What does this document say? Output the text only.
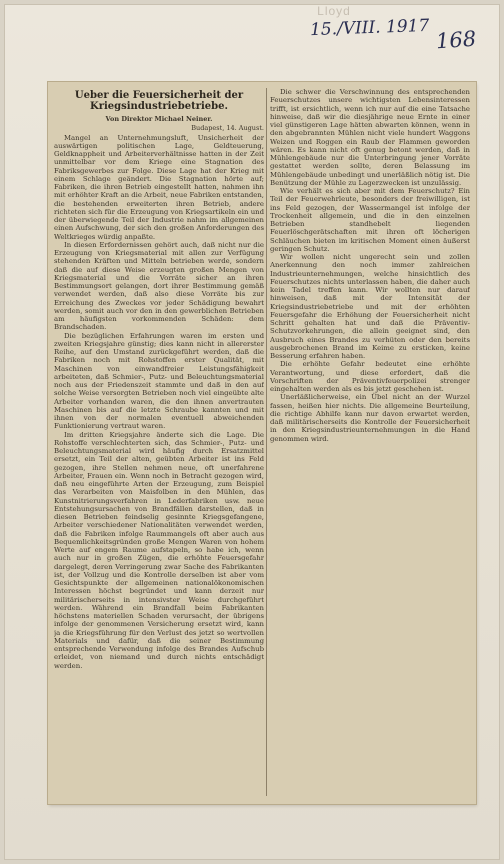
Lloyd
15./VIII. 1917 168
Ueber die Feuersicherheit der Kriegsindustriebetriebe.
Von Direktor Michael Neiner.
Budapest, 14. August.

Mangel an Unternehmungsluft, Unsicherheit der auswärtigen politischen Lage, Geldteuerung, Geldknappheit und Arbeiterverhältnisse hatten in der Zeit unmittelbar vor dem Kriege eine Stagnation des Fabriksgewerbes zur Folge. Diese Lage hat der Krieg mit einem Schlage geändert. Die Stagnation hörte auf; Fabriken, die ihren Betrieb eingestellt hatten, nahmen ihn mit erhöhter Kraft an die Arbeit, neue Fabriken entstanden, die bestehenden erweiterten ihren Betrieb, andere richteten sich für die Erzeugung von Kriegsartikeln ein und der überwiegende Teil der Industrie nahm im allgemeinen einen Aufschwung, der sich den großen Anforderungen des Weltkrieges würdig anpaßte.

In diesen Erfordernissen gehört auch, daß nicht nur die Erzeugung von Kriegsmaterial mit allen zur Verfügung stehenden Kräften und Mitteln betrieben werde, sondern daß die auf diese Weise erzeugten großen Mengen von Kriegsmaterial und die Vorräte sicher an ihren Bestimmungsort gelangen, dort ihrer Bestimmung gemäß verwendet werden, daß also diese Vorräte bis zur Erreichung des Zweckes vor jeder Schädigung bewahrt werden, somit auch vor den in den gewerblichen Betrieben am häufigsten vorkommenden Schäden: dem Brandschaden.

Die bezüglichen Erfahrungen waren im ersten und zweiten Kriegsjahre günstig; dies kann nicht in allererster Reihe, auf den Umstand zurückgeführt werden, daß die Fabriken noch mit Rohstoffen erster Qualität, mit Maschinen von einwandfreier Leistungsfähigkeit arbeiteten, daß Schmier-, Putz- und Beleuchtungsmaterial noch aus der Friedenszeit stammte und daß in den auf solche Weise versorgten Betrieben noch viel eingeübte alte Arbeiter vorhanden waren, die den ihnen anvertrauten Maschinen bis auf die letzte Schraube kannten und mit ihnen von der normalen eventuell abweichenden Funktionierung vertraut waren.

Im dritten Kriegsjahre änderte sich die Lage. Die Rohstoffe verschlechterten sich, das Schmier-, Putz- und Beleuchtungsmaterial wird häufig durch Ersatzmittel ersetzt, ein Teil der alten, geübten Arbeiter ist ins Feld gezogen, ihre Stellen nehmen neue, oft unerfahrene Arbeiter, Frauen ein. Wenn noch in Betracht gezogen wird, daß neu eingeführte Arten der Erzeugung, zum Beispiel das Verarbeiten von Maisfolben in den Mühlen, das Kunstnitrierungsverfahren in Lederfabriken usw. neue Entstehungsursachen von Brandfällen darstellen, daß in diesen Betrieben feindselig gesinnte Kriegsgefangene, Arbeiter verschiedener Nationalitäten verwendet werden, daß die Fabriken infolge Raummangels oft aber auch aus Bequemlichkeitsgründen große Mengen Waren von hohem Werte auf engem Raume aufstapeln, so habe ich, wenn auch nur in großen Zügen, die erhöhte Feuersgefahr dargelegt, deren Verringerung zwar Sache des Fabrikanten ist, der Vollzug und die Kontrolle derselben ist aber vom Gesichtspunkte der allgemeinen nationalökonomischen Interessen höchst begründet und kann derzeit nur militärischerseits in intensivster Weise durchgeführt werden. Während ein Brandfall beim Fabrikanten höchstens materiellen Schaden verursacht, der übrigens infolge der genommenen Versicherung ersetzt wird, kann ja die Kriegsführung für den Verlust des jetzt so wertvollen Materials und dafür, daß die seiner Bestimmung entsprechende Verwendung infolge des Brandes Aufschub erleidet, von niemand und durch nichts entschädigt werden.

Die schwer die Verschwinnung des entsprechenden Feuerschutzes unsere wichtigsten Lebensinteressen trifft, ist ersichtlich, wenn ich nur auf die eine Tatsache hinweise, daß wir die diesjährige neue Ernte in einer viel günstigeren Lage hätten abwarten können, wenn in den abgebrannten Mühlen nicht viele hundert Waggons Weizen und Roggen ein Raub der Flammen geworden wären. Es kann nicht oft genug betont werden, daß in Mühlengebäude nur die Unterbringung jener Vorräte gestattet werden sollte, deren Belassung im Mühlengebäude unbedingt und unerläßlich nötig ist. Die Benützung der Mühle zu Lagerzwecken ist unzulässig.

Wie verhält es sich aber mit dem Feuerschutz? Ein Teil der Feuerwehrleute, besonders der freiwilligen, ist ins Feld gezogen, der Wassermangel ist infolge der Trockenheit allgemein, und die in den einzelnen Betrieben standhebelt liegenden Feuerlöschgerätschaften mit ihren oft löcherigen Schläuchen bieten im kritischen Moment einen äußerst geringen Schutz.

Wir wollen nicht ungerecht sein und zollen Anerkennung den noch immer zahlreichen Industrieunternehmungen, welche hinsichtlich des Feuerschutzes nichts unterlassen haben, die daher auch kein Tadel treffen kann. Wir wollten nur darauf hinweisen, daß mit der Intensität der Kriegsindustriebetriebe und mit der erhöhten Feuersgefahr die Erhöhung der Feuersicherheit nicht Schritt gehalten hat und daß die Präventiv-Schutzvorkehrungen, die allein geeignet sind, den Ausbruch eines Brandes zu verhüten oder den bereits ausgebrochenen Brand im Keime zu ersticken, keine Besserung erfahren haben.

Die erhöhte Gefahr bedeutet eine erhöhte Verantwortung, und diese erfordert, daß die Vorschriften der Präventivfeuerpolizei strenger eingehalten werden als es bis jetzt geschehen ist.

Unerläßlicherweise, ein Übel nicht an der Wurzel fassen, heißen hier nichts. Die allgemeine Beurteilung, die richtige Abhilfe kann nur davon erwartet werden, daß militärischerseits die Kontrolle der Feuersicherheit in den Kriegsindustrieunternehmungen in die Hand genommen wird.
